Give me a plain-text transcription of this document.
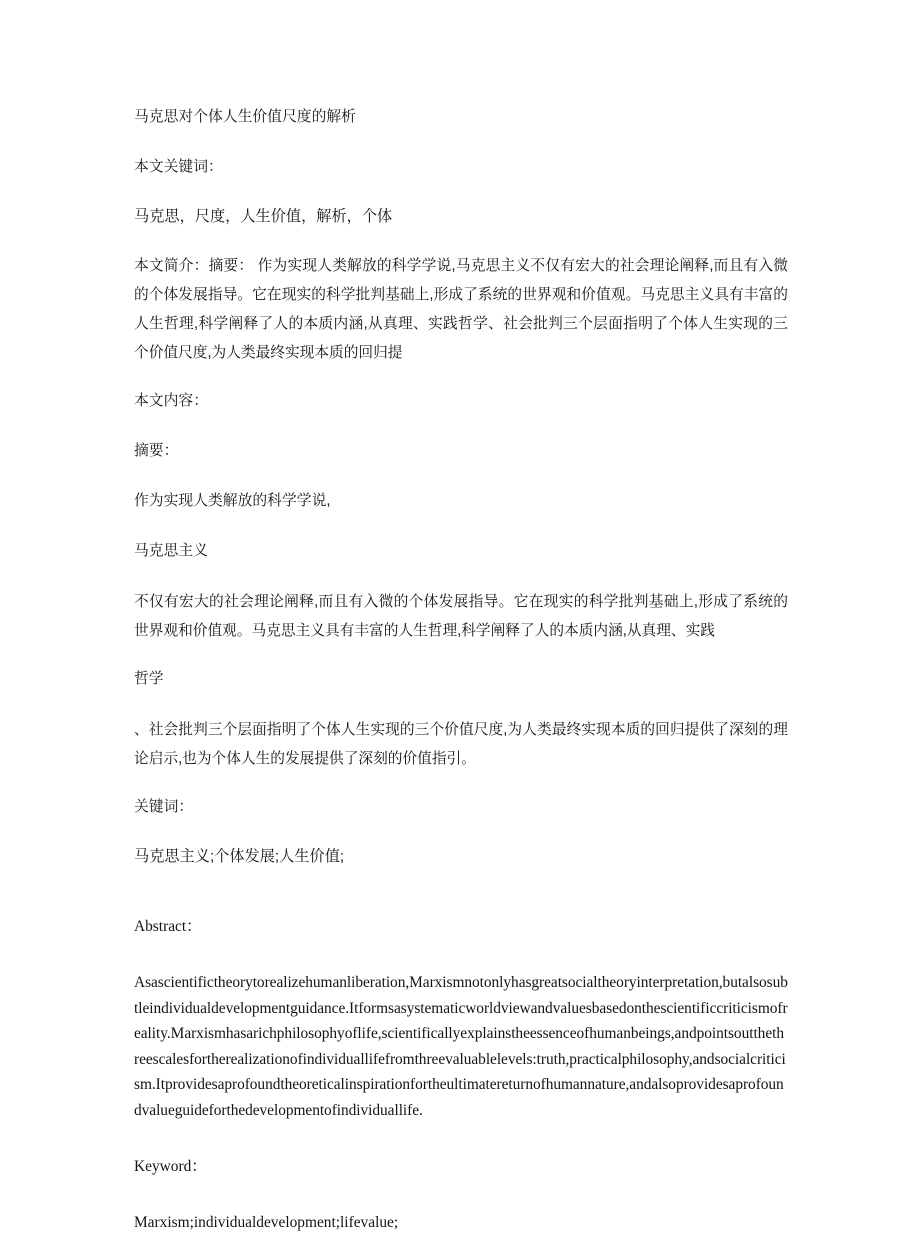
马克思对个体人生价值尺度的解析
本文关键词：
马克思，尺度，人生价值，解析，个体
本文简介：摘要： 作为实现人类解放的科学学说,马克思主义不仅有宏大的社会理论阐释,而且有入微的个体发展指导。它在现实的科学批判基础上,形成了系统的世界观和价值观。马克思主义具有丰富的人生哲理,科学阐释了人的本质内涵,从真理、实践哲学、社会批判三个层面指明了个体人生实现的三个价值尺度,为人类最终实现本质的回归提
本文内容：
摘要：
作为实现人类解放的科学学说,
马克思主义
不仅有宏大的社会理论阐释,而且有入微的个体发展指导。它在现实的科学批判基础上,形成了系统的世界观和价值观。马克思主义具有丰富的人生哲理,科学阐释了人的本质内涵,从真理、实践
哲学
、社会批判三个层面指明了个体人生实现的三个价值尺度,为人类最终实现本质的回归提供了深刻的理论启示,也为个体人生的发展提供了深刻的价值指引。
关键词：
马克思主义;个体发展;人生价值;
Abstract：
Asascientifictheorytorealizehumanliberation,Marxismnotonlyhasgreatsocialtheoryinterpretation,butalsosubtleindividualdevelopmentguidance.Itformsasystematicworldviewandvaluesbasedonthescientificcriticismofreality.Marxismhasarichphilosophyoflife,scientificallyexplainstheessenceofhumanbeings,andpointsoutthethreescalesfortherealizationofindividuallifefromthreevaluablelevels:truth,practicalphilosophy,andsocialcriticism.Itprovidesaprofoundtheoreticalinspirationfortheultimatereturnofhumannature,andalsoprovidesaprofoundvalueguideforthedevelopmentofindividuallife.
Keyword：
Marxism;individualdevelopment;lifevalue;
